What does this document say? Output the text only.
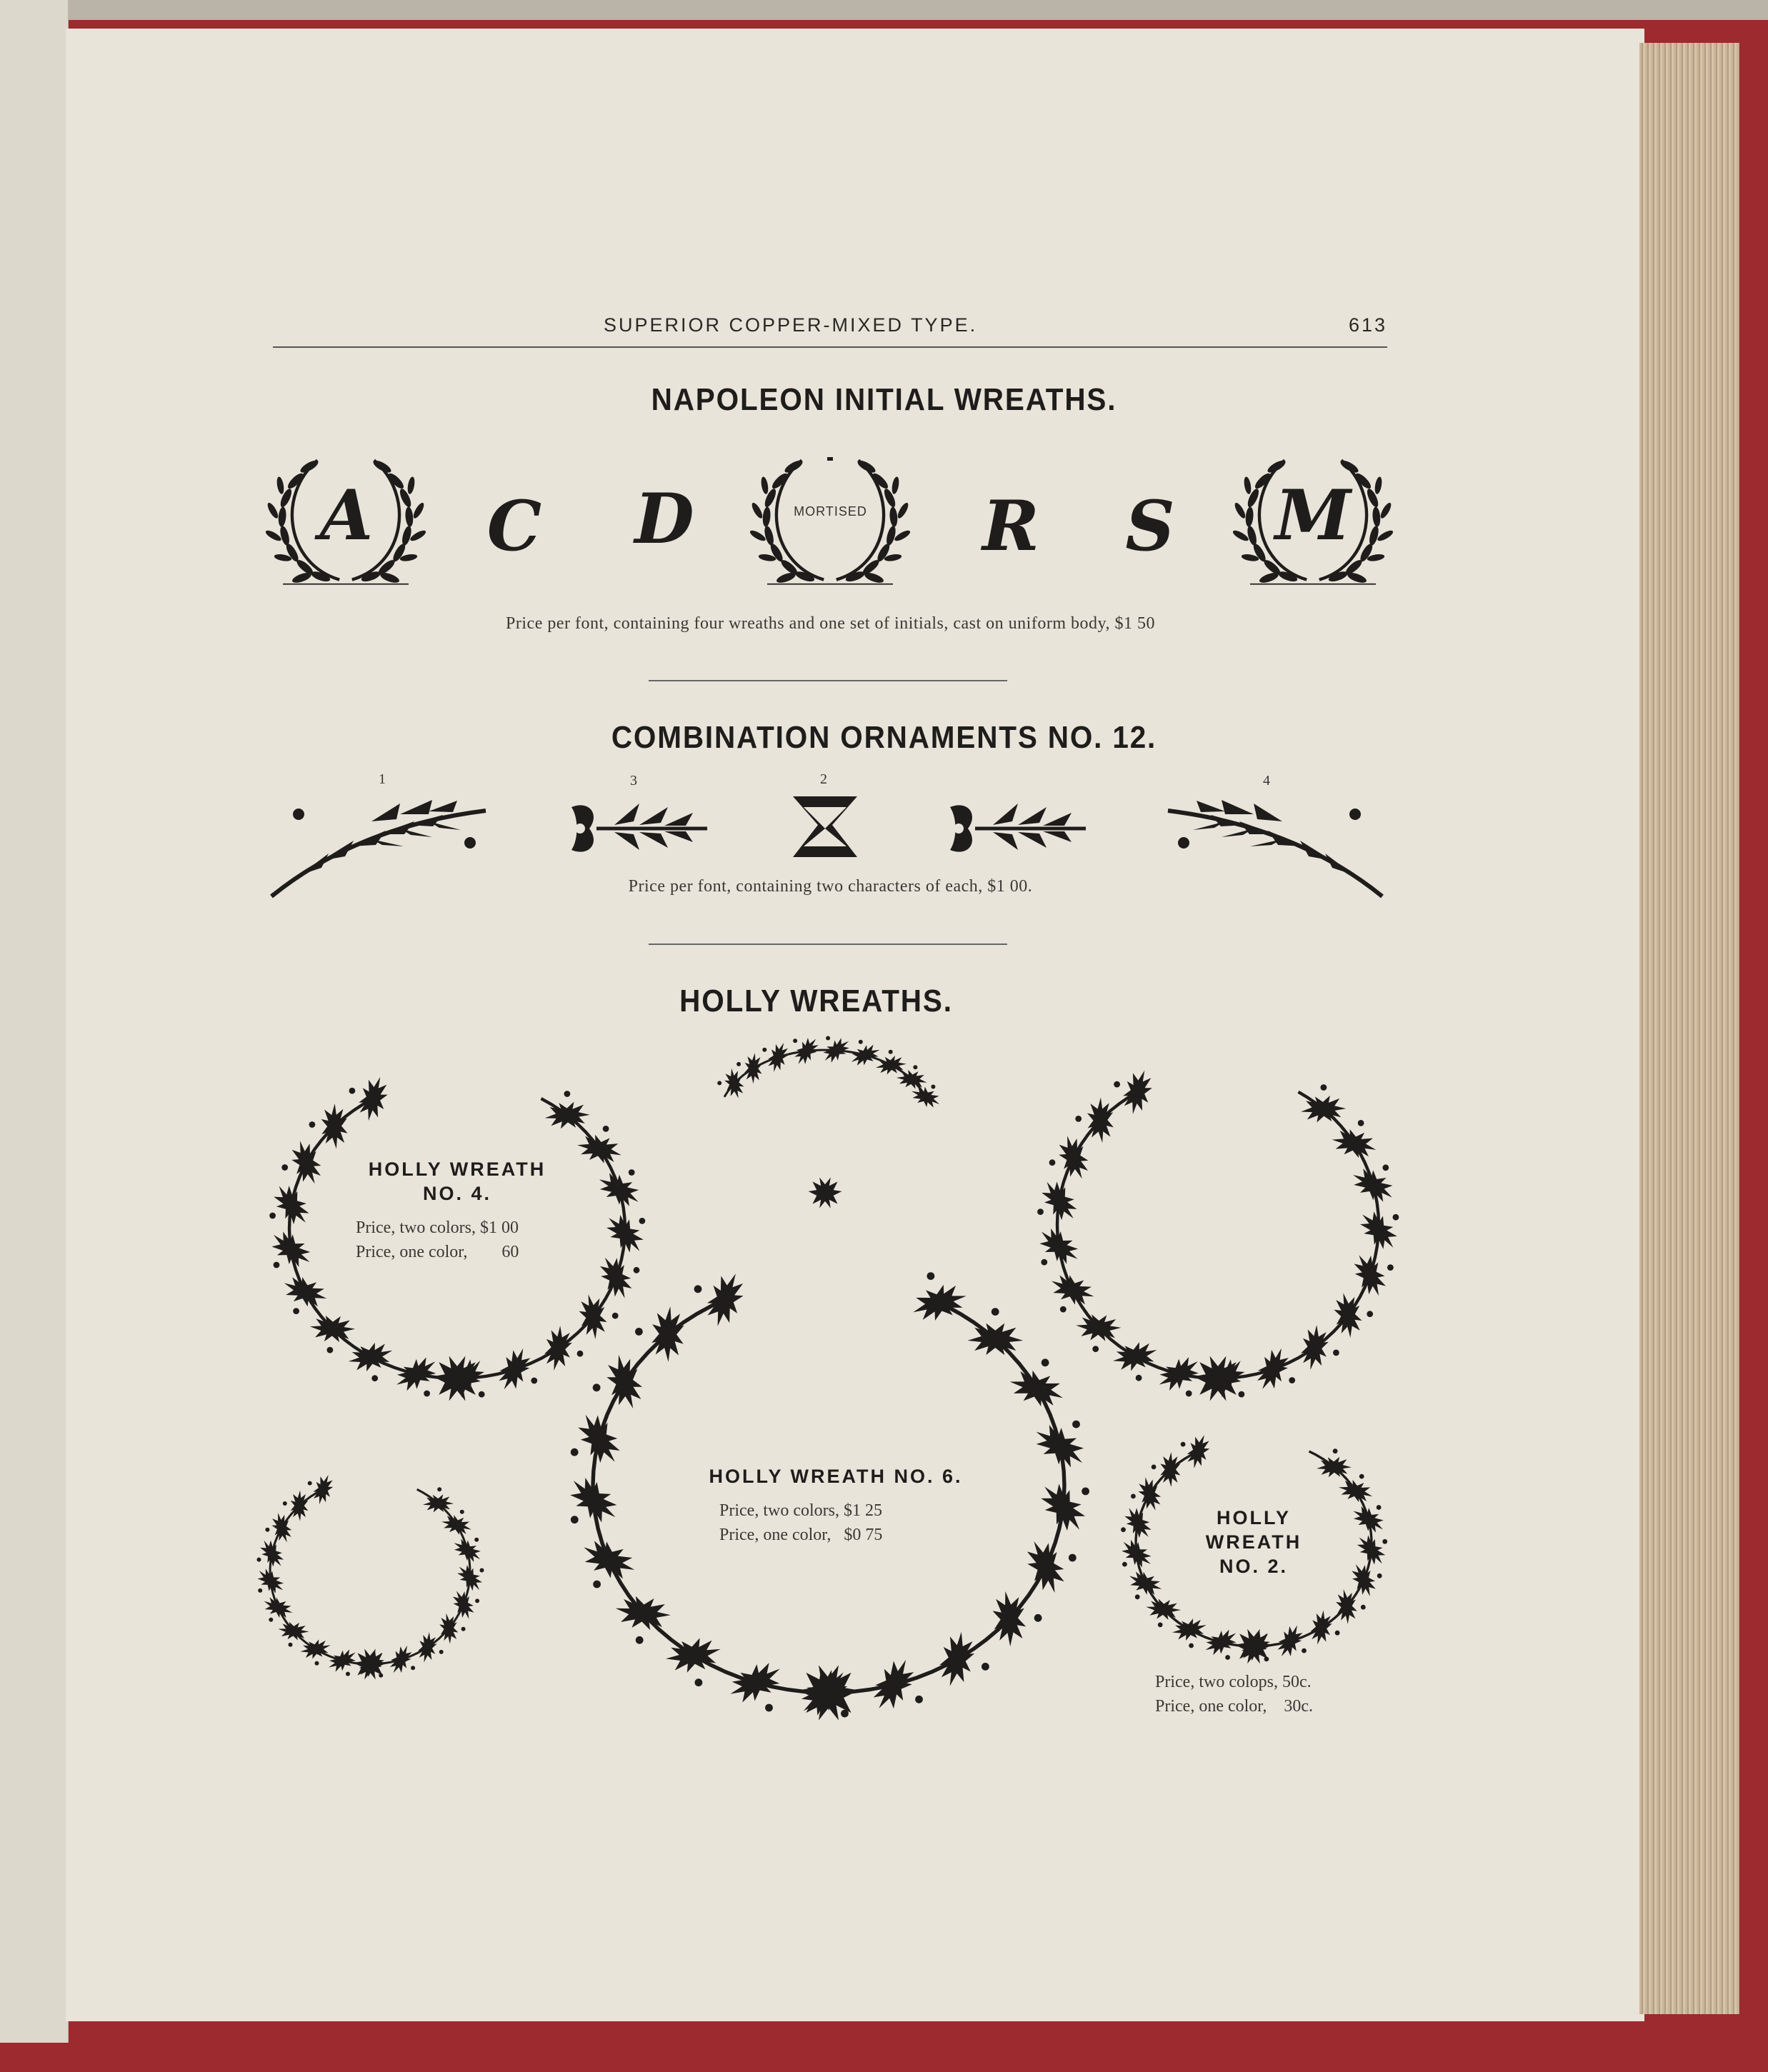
SUPERIOR COPPER-MIXED TYPE.	613
NAPOLEON INITIAL WREATHS.
A C D	MORTISED R	S	M
Price per font, containing four wreaths and one set of initials, cast on uniform body, $1 50
COMBINATION ORNAMENTS NO. 12.
1	3	2	4
Price per font, containing two characters of each, $1 00.
HOLLY WREATHS.
HOLLY WREATH
NO. 4.
Price, two colors, $1 00
Price, one color,        60
HOLLY WREATH NO. 6.
Price, two colors, $1 25
Price, one color,   $0 75
HOLLY
WREATH
NO. 2.
Price, two colops, 50c.
Price, one color,    30c.
